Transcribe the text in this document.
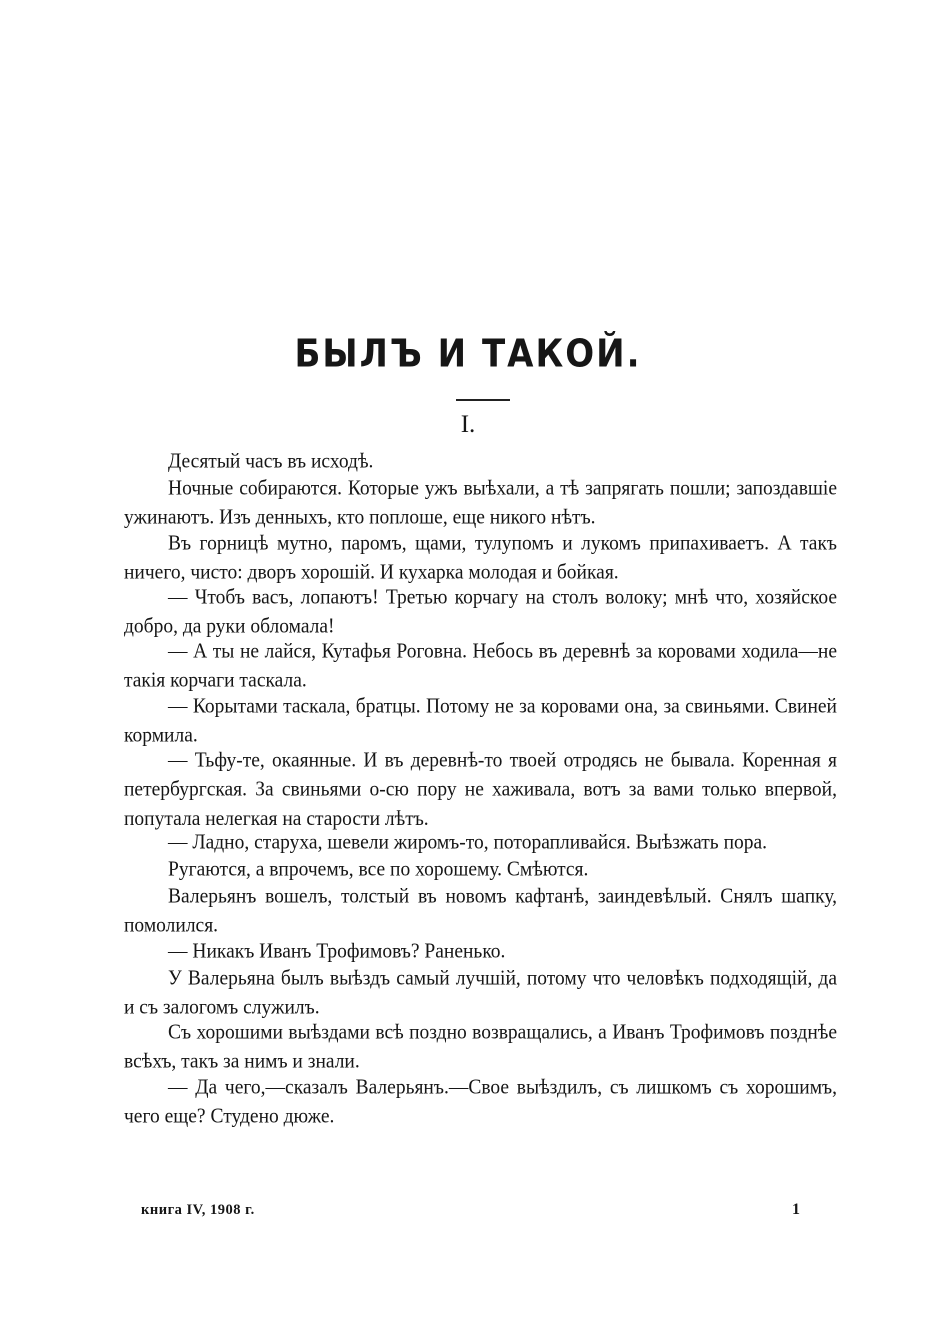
БЫЛЪ И ТАКОЙ.
I.

Десятый часъ въ исходѣ.

Ночные собираются. Которые ужъ выѣхали, а тѣ запрягать пошли; запоздавшіе ужинаютъ. Изъ денныхъ, кто поплоше, еще никого нѣтъ.

Въ горницѣ мутно, паромъ, щами, тулупомъ и лукомъ припахиваетъ. А такъ ничего, чисто: дворъ хорошій. И кухарка молодая и бойкая.

— Чтобъ васъ, лопаютъ! Третью корчагу на столъ волоку; мнѣ что, хозяйское добро, да руки обломала!

— А ты не лайся, Кутафья Роговна. Небось въ деревнѣ за коровами ходила—не такія корчаги таскала.

— Корытами таскала, братцы. Потому не за коровами она, за свиньями. Свиней кормила.

— Тьфу-те, окаянные. И въ деревнѣ-то твоей отродясь не бывала. Коренная я петербургская. За свиньями о-сю пору не хаживала, вотъ за вами только впервой, попутала нелегкая на старости лѣтъ.

— Ладно, старуха, шевели жиромъ-то, поторапливайся. Выѣзжать пора.

Ругаются, а впрочемъ, все по хорошему. Смѣются.

Валерьянъ вошелъ, толстый въ новомъ кафтанѣ, заиндевѣлый. Снялъ шапку, помолился.

— Никакъ Иванъ Трофимовъ? Раненько.

У Валерьяна былъ выѣздъ самый лучшій, потому что человѣкъ подходящій, да и съ залогомъ служилъ.

Съ хорошими выѣздами всѣ поздно возвращались, а Иванъ Трофимовъ позднѣе всѣхъ, такъ за нимъ и знали.

— Да чего,—сказалъ Валерьянъ.—Свое выѣздилъ, съ лишкомъ съ хорошимъ, чего еще? Студено дюже.

книга IV, 1908 г.	1
